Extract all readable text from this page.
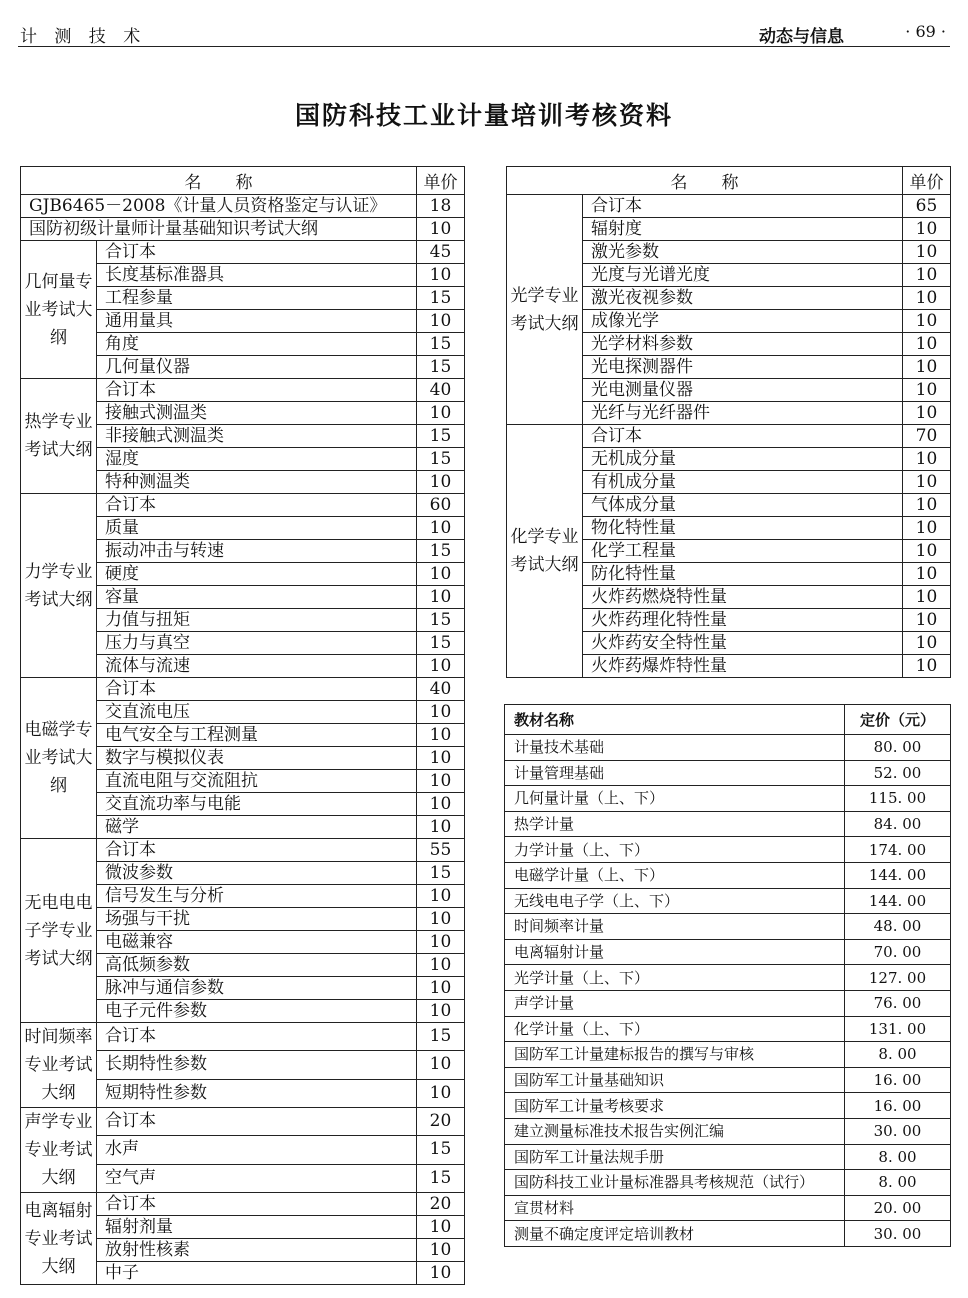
计 测 技 术	动态与信息	· 69 ·
国防科技工业计量培训考核资料
名　　称		单价
GJB6465－2008《计量人员资格鉴定与认证》		18
国防初级计量师计量基础知识考试大纲		10
几何量专业考试大纲	合订本	45
	长度基标准器具	10
	工程参量	15
	通用量具	10
	角度	15
	几何量仪器	15
热学专业考试大纲	合订本	40
	接触式测温类	10
	非接触式测温类	15
	湿度	15
	特种测温类	10
力学专业考试大纲	合订本	60
	质量	10
	振动冲击与转速	15
	硬度	10
	容量	10
	力值与扭矩	15
	压力与真空	15
	流体与流速	10
电磁学专业考试大纲	合订本	40
	交直流电压	10
	电气安全与工程测量	10
	数字与模拟仪表	10
	直流电阻与交流阻抗	10
	交直流功率与电能	10
	磁学	10
无电电电子学专业考试大纲	合订本	55
	微波参数	15
	信号发生与分析	10
	场强与干扰	10
	电磁兼容	10
	高低频参数	10
	脉冲与通信参数	10
	电子元件参数	10
时间频率专业考试大纲	合订本	15
	长期特性参数	10
	短期特性参数	10
声学专业专业考试大纲	合订本	20
	水声	15
	空气声	15
电离辐射专业考试大纲	合订本	20
	辐射剂量	10
	放射性核素	10
	中子	10
名　　称		单价
光学专业考试大纲	合订本	65
	辐射度	10
	激光参数	10
	光度与光谱光度	10
	激光夜视参数	10
	成像光学	10
	光学材料参数	10
	光电探测器件	10
	光电测量仪器	10
	光纤与光纤器件	10
化学专业考试大纲	合订本	70
	无机成分量	10
	有机成分量	10
	气体成分量	10
	物化特性量	10
	化学工程量	10
	防化特性量	10
	火炸药燃烧特性量	10
	火炸药理化特性量	10
	火炸药安全特性量	10
	火炸药爆炸特性量	10
教材名称	定价（元）
计量技术基础	80. 00
计量管理基础	52. 00
几何量计量（上、下）	115. 00
热学计量	84. 00
力学计量（上、下）	174. 00
电磁学计量（上、下）	144. 00
无线电电子学（上、下）	144. 00
时间频率计量	48. 00
电离辐射计量	70. 00
光学计量（上、下）	127. 00
声学计量	76. 00
化学计量（上、下）	131. 00
国防军工计量建标报告的撰写与审核	8. 00
国防军工计量基础知识	16. 00
国防军工计量考核要求	16. 00
建立测量标准技术报告实例汇编	30. 00
国防军工计量法规手册	8. 00
国防科技工业计量标准器具考核规范（试行）	8. 00
宣贯材料	20. 00
测量不确定度评定培训教材	30. 00
